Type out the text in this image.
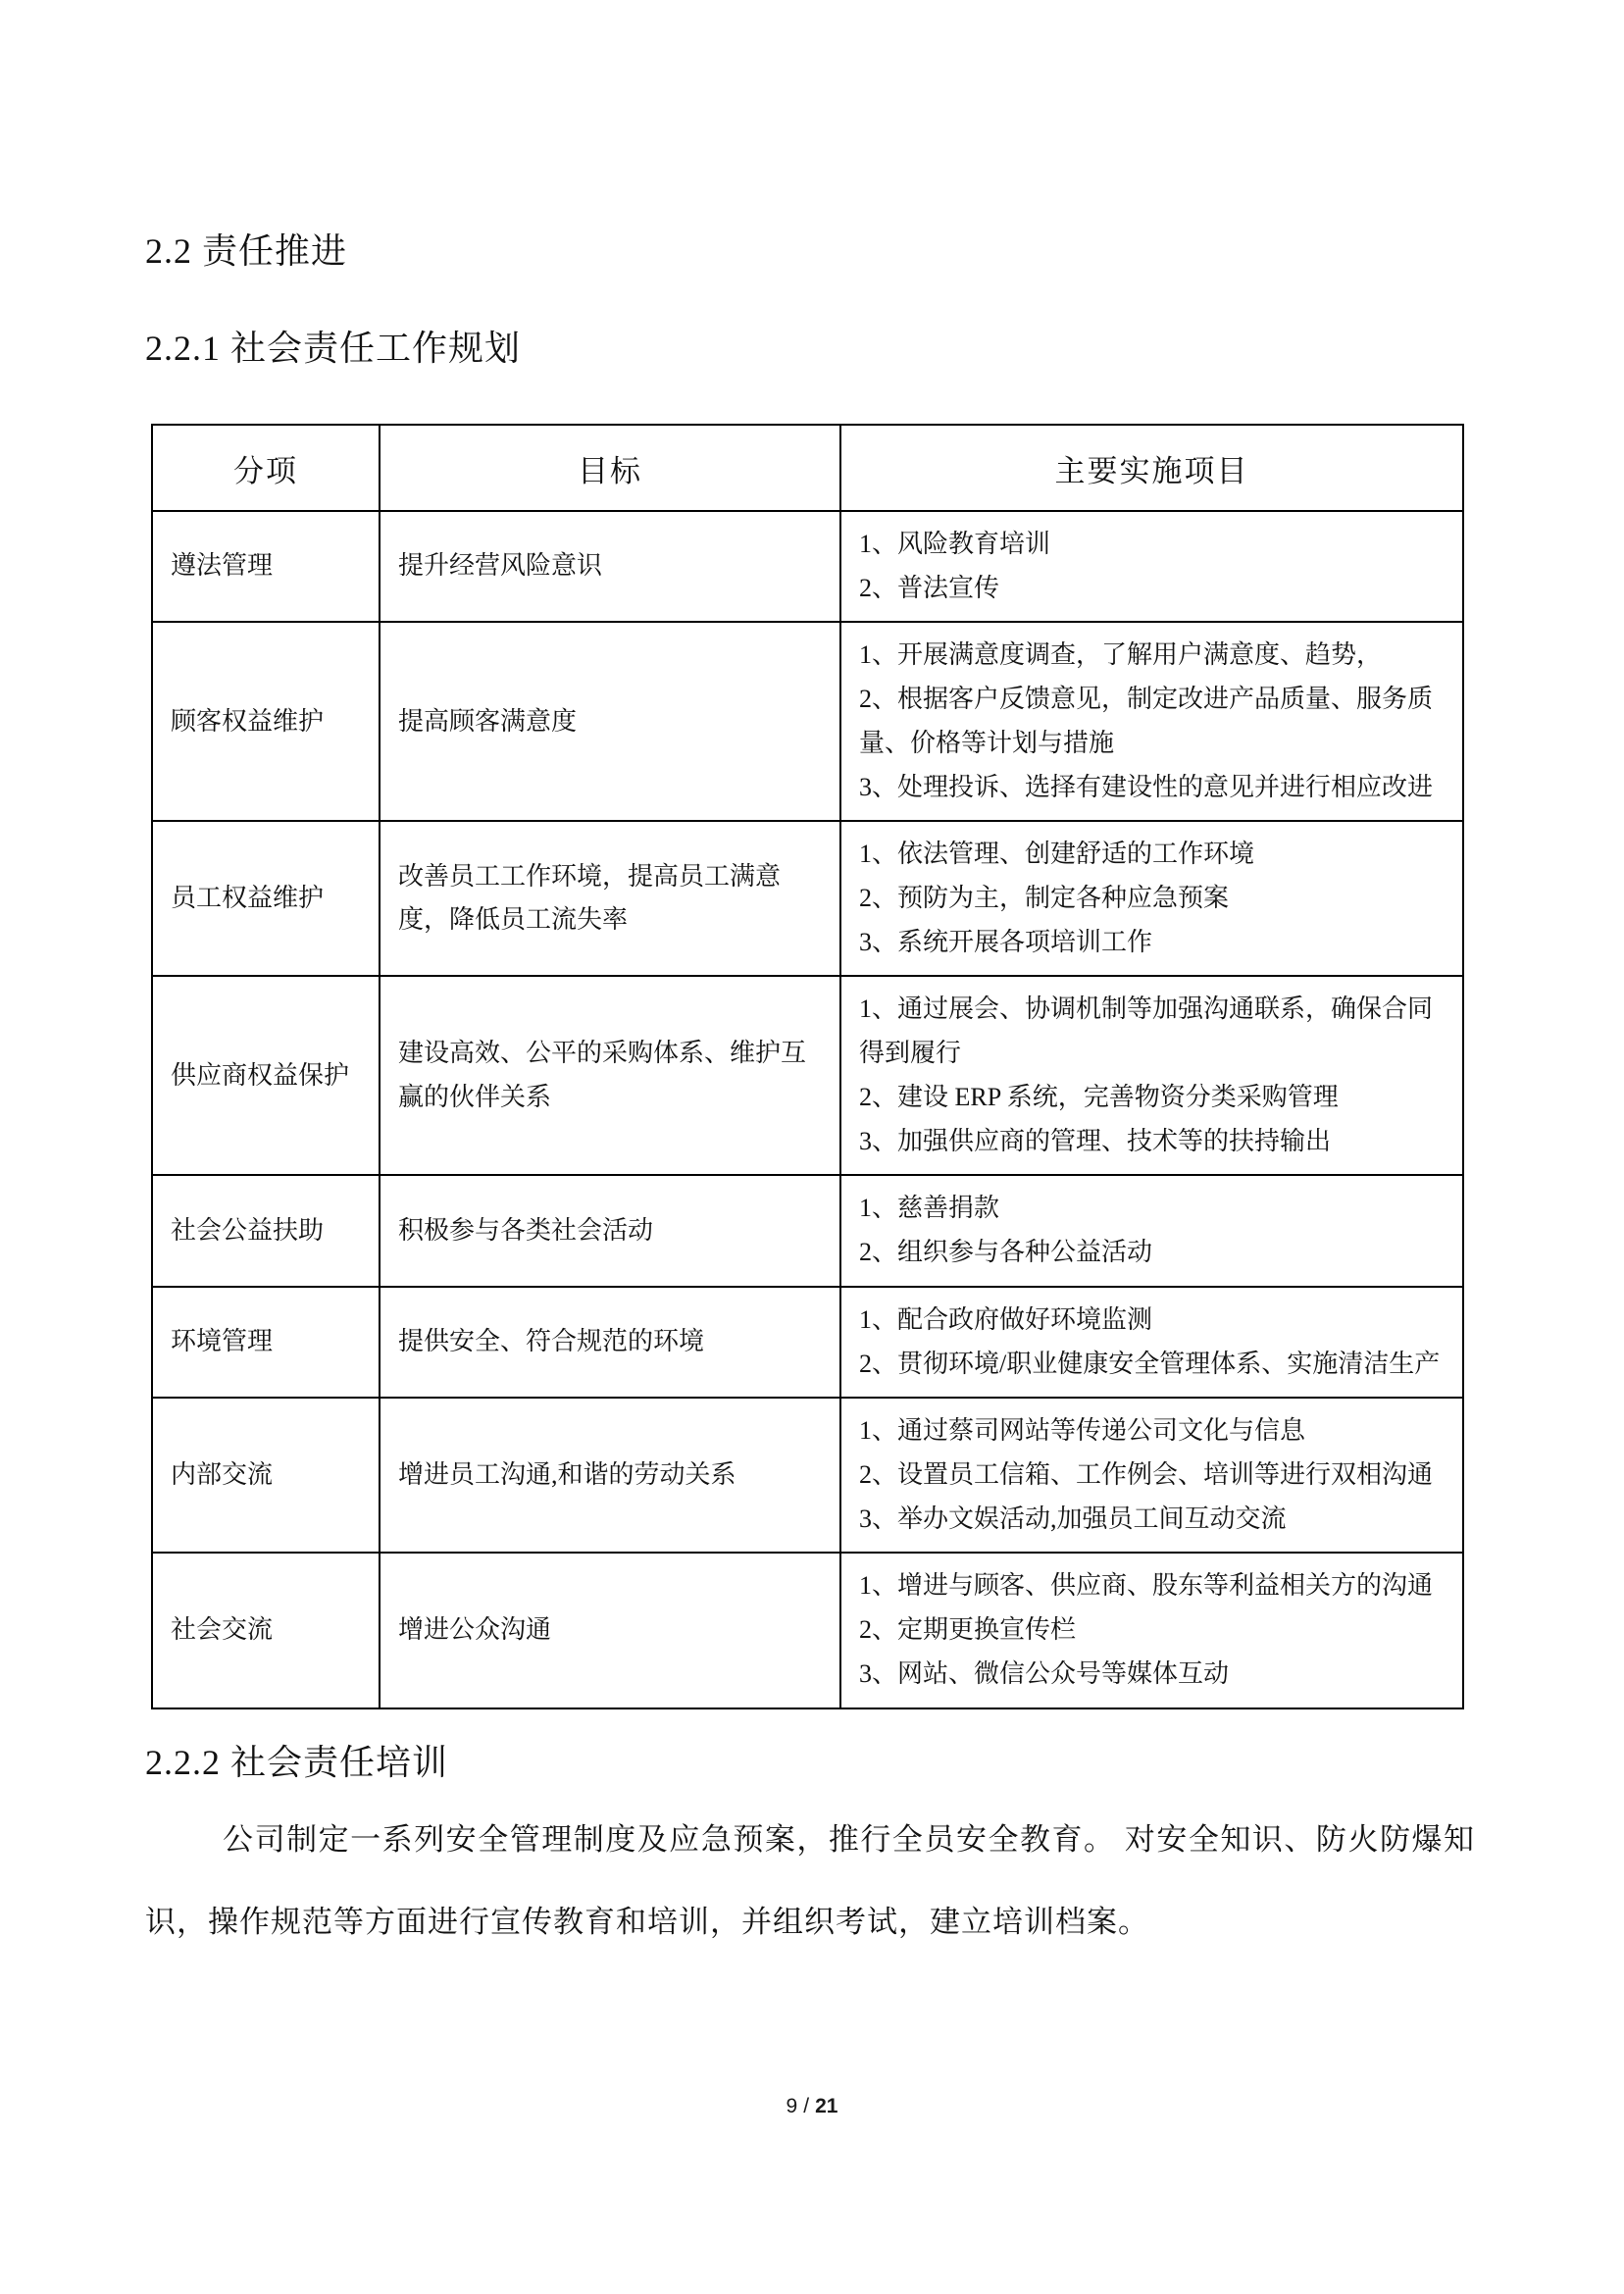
2.2 责任推进
2.2.1 社会责任工作规划
分项	目标	主要实施项目
遵法管理	提升经营风险意识	1、风险教育培训
2、普法宣传

顾客权益维护	提高顾客满意度	1、开展满意度调查，了解用户满意度、趋势，
2、根据客户反馈意见，制定改进产品质量、服务质量、价格等计划与措施
3、处理投诉、选择有建设性的意见并进行相应改进

员工权益维护	改善员工工作环境，提高员工满意度，降低员工流失率	1、依法管理、创建舒适的工作环境
2、预防为主，制定各种应急预案
3、系统开展各项培训工作

供应商权益保护	建设高效、公平的采购体系、维护互赢的伙伴关系	1、通过展会、协调机制等加强沟通联系，确保合同得到履行
2、建设 ERP 系统，完善物资分类采购管理
3、加强供应商的管理、技术等的扶持输出

社会公益扶助	积极参与各类社会活动	1、慈善捐款
2、组织参与各种公益活动

环境管理	提供安全、符合规范的环境	1、配合政府做好环境监测
2、贯彻环境/职业健康安全管理体系、实施清洁生产

内部交流	增进员工沟通,和谐的劳动关系	1、通过蔡司网站等传递公司文化与信息
2、设置员工信箱、工作例会、培训等进行双相沟通
3、举办文娱活动,加强员工间互动交流

社会交流	增进公众沟通	1、增进与顾客、供应商、股东等利益相关方的沟通
2、定期更换宣传栏
3、网站、微信公众号等媒体互动
2.2.2 社会责任培训

公司制定一系列安全管理制度及应急预案，推行全员安全教育。 对安全知识、防火防爆知识，操作规范等方面进行宣传教育和培训，并组织考试，建立培训档案。

9 / 21
